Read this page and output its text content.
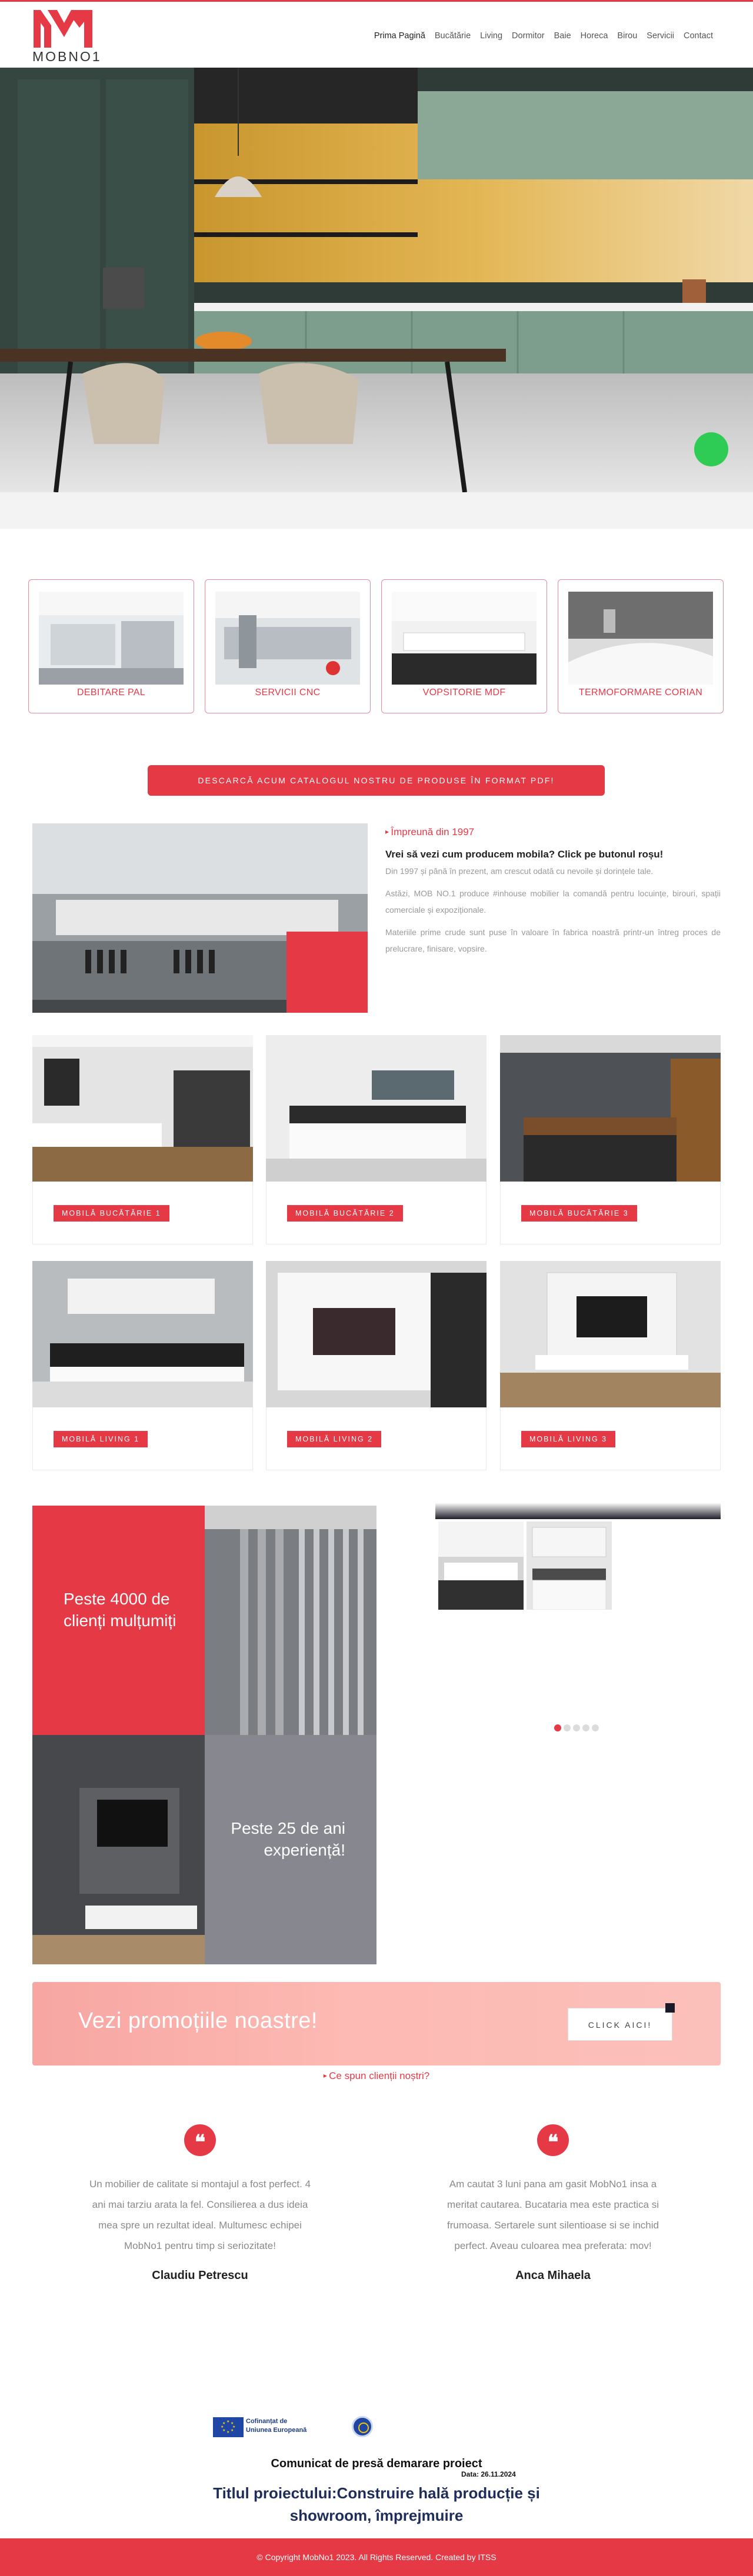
MOBNO1
Prima Pagină	Bucătărie	Living	Dormitor	Baie	Horeca	Birou	Servicii	Contact
DEBITARE PAL	SERVICII CNC	VOPSITORIE MDF	TERMOFORMARE CORIAN
DESCARCĂ ACUM CATALOGUL NOSTRU DE PRODUSE ÎN FORMAT PDF!
▸ Împreună din 1997
Vrei să vezi cum producem mobila? Click pe butonul roșu!

Din 1997 și până în prezent, am crescut odată cu nevoile și dorințele tale.

Astăzi, MOB NO.1 produce #inhouse mobilier la comandă pentru locuințe, birouri, spații comerciale și expoziționale.

Materiile prime crude sunt puse în valoare în fabrica noastră printr-un întreg proces de prelucrare, finisare, vopsire.

MOBILĂ BUCĂTĂRIE 1	MOBILĂ BUCĂTĂRIE 2	MOBILĂ BUCĂTĂRIE 3
MOBILĂ LIVING 1	MOBILĂ LIVING 2	MOBILĂ LIVING 3
Peste 4000 de clienți mulțumiți
Peste 25 de ani experiență!
Vezi promoțiile noastre!	CLICK AICI!
▸ Ce spun clienții noștri?
❝
Un mobilier de calitate si montajul a fost perfect. 4 ani mai tarziu arata la fel. Consilierea a dus ideia mea spre un rezultat ideal. Multumesc echipei MobNo1 pentru timp si seriozitate!
Claudiu Petrescu
❝
Am cautat 3 luni pana am gasit MobNo1 insa a meritat cautarea. Bucataria mea este practica si frumoasa. Sertarele sunt silentioase si se inchid perfect. Aveau culoarea mea preferata: mov!
Anca Mihaela
★ ★
★
★
★
★
★
★	Cofinanțat de
Uniunea Europeană
Comunicat de presă demarare proiect
Data: 26.11.2024
Titlul proiectului:Construire hală producție și showroom, împrejmuire
© Copyright MobNo1 2023. All Rights Reserved. Created by ITSS
